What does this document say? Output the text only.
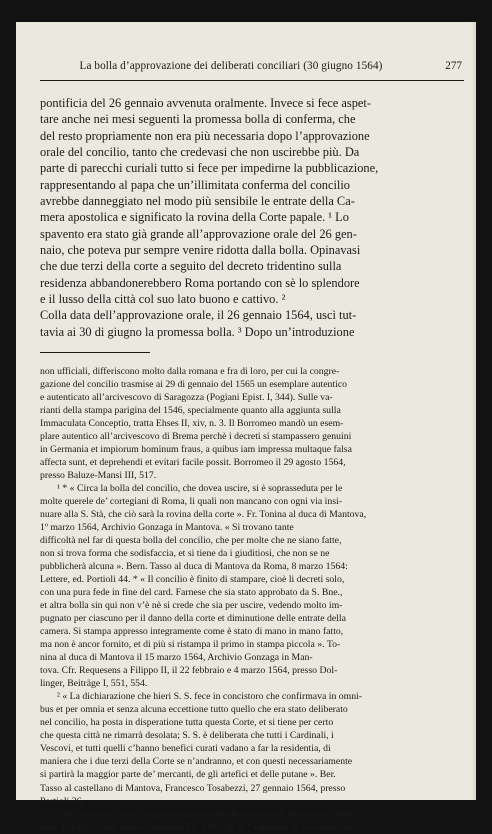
La bolla d’approvazione dei deliberati conciliari (30 giugno 1564)	277
pontificia del 26 gennaio avvenuta oralmente. Invece si fece aspet-
tare anche nei mesi seguenti la promessa bolla di conferma, che
del resto propriamente non era più necessaria dopo l’approvazione
orale del concilio, tanto che credevasi che non uscirebbe più. Da
parte di parecchi curiali tutto si fece per impedirne la pubblicazione,
rappresentando al papa che un’illimitata conferma del concilio
avrebbe danneggiato nel modo più sensibile le entrate della Ca-
mera apostolica e significato la rovina della Corte papale. ¹ Lo
spavento era stato già grande all’approvazione orale del 26 gen-
naio, che poteva pur sempre venire ridotta dalla bolla. Opinavasi
che due terzi della corte a seguito del decreto tridentino sulla
residenza abbandonerebbero Roma portando con sè lo splendore
e il lusso della città col suo lato buono e cattivo. ²
Colla data dell’approvazione orale, il 26 gennaio 1564, uscì tut-
tavia ai 30 di giugno la promessa bolla. ³ Dopo un’introduzione
non ufficiali, differiscono molto dalla romana e fra di loro, per cui la congre-
gazione del concilio trasmise ai 29 di gennaio del 1565 un esemplare autentico
e autenticato all’arcivescovo di Saragozza (Pogiani Epist. I, 344). Sulle va-
rianti della stampa parigina del 1546, specialmente quanto alla aggiunta sulla
Immaculata Conceptio, tratta Ehses II, xiv, n. 3. Il Borromeo mandò un esem-
plare autentico all’arcivescovo di Brema perchè i decreti si stampassero genuini
in Germania et impiorum hominum fraus, a quibus iam impressa multaque falsa
affecta sunt, et deprehendi et evitari facile possit. Borromeo il 29 agosto 1564,
presso Baluze-Mansi III, 517.
¹ * « Circa la bolla del concilio, che dovea uscire, si è soprasseduta per le
molte querele de’ cortegiani di Roma, li quali non mancano con ogni via insi-
nuare alla S. Stà, che ciò sarà la rovina della corte ». Fr. Tonina al duca di Mantova,
1º marzo 1564, Archivio Gonzaga in Mantova. « Si trovano tante
difficoltà nel far di questa bolla del concilio, che per molte che ne siano fatte,
non si trova forma che sodisfaccia, et si tiene da i giuditiosi, che non se ne
pubblicherà alcuna ». Bern. Tasso al duca di Mantova da Roma, 8 marzo 1564:
Lettere, ed. Portioli 44. * « Il concilio è finito di stampare, cioè li decreti solo,
con una pura fede in fine del card. Farnese che sia stato approbato da S. Bne.,
et altra bolla sin qui non v’è nè si crede che sia per uscire, vedendo molto im-
pugnato per ciascuno per il danno della corte et diminutione delle entrate della
camera. Si stampa appresso integramente come è stato di mano in mano fatto,
ma non è ancor fornito, et di più si ristampa il primo in stampa piccola ». To-
nina al duca di Mantova il 15 marzo 1564, Archivio Gonzaga in Man-
tova. Cfr. Requesens a Filippo II, il 22 febbraio e 4 marzo 1564, presso Dol-
linger, Beiträge I, 551, 554.
² « La dichiarazione che hieri S. S. fece in concistoro che confirmava in omni-
bus et per omnia et senza alcuna eccettione tutto quello che era stato deliberato
nel concilio, ha posta in disperatione tutta questa Corte, et si tiene per certo
che questa città ne rimarrà desolata; S. S. è deliberata che tutti i Cardinali, i
Vescovi, et tutti quelli c’hanno benefici curati vadano a far la residentia, di
maniera che i due terzi della Corte se n’andranno, et con questi necessariamente
si partirà la maggior parte de’ mercanti, de gli artefici et delle putane ». Ber.
Tasso al castellano di Mantova, Francesco Tosabezzi, 27 gennaio 1564, presso
Portioli 36.
³ Sui motivi per non rinunziare alla sua pubblicazione vedi Borromeo a Del-
fino, 1º luglio 1564, presso Steinherz IV, 149. Cfr. le * relazioni di Giacomo Tar-
